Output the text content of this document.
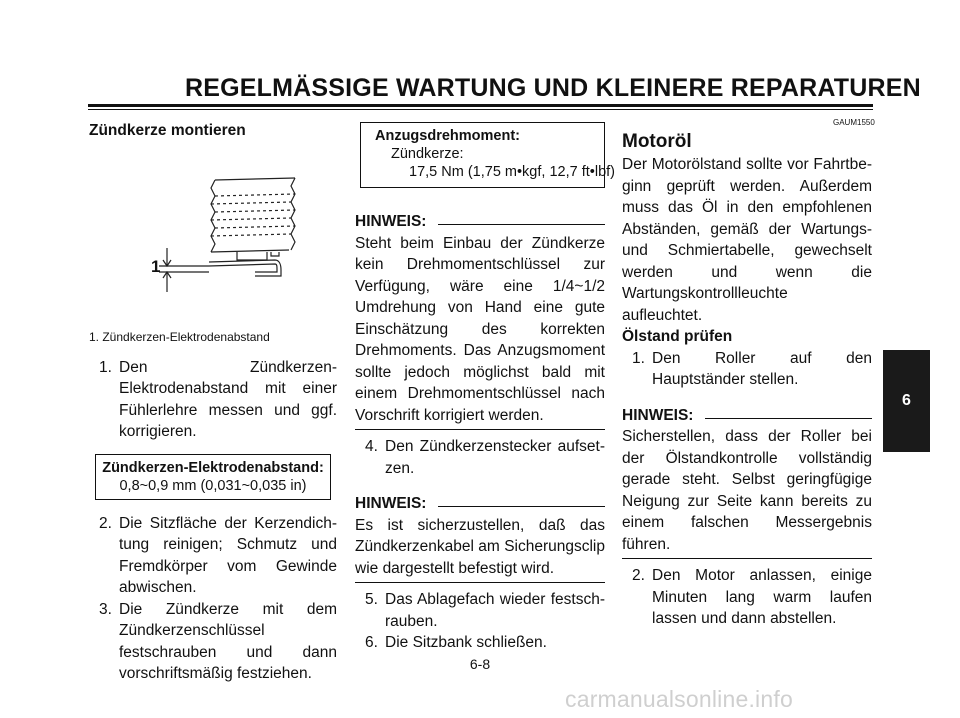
REGELMÄSSIGE WARTUNG UND KLEINERE REPARATUREN

Zündkerze montieren

1

1. Zündkerzen-Elektrodenabstand

1. Den Zündkerzen-Elektrodenabstand mit einer Fühlerlehre messen und ggf. korrigieren.
Zündkerzen-Elektrodenabstand:
0,8~0,9 mm (0,031~0,035 in)
2. Die Sitzfläche der Kerzendichtung reinigen; Schmutz und Fremdkörper vom Gewinde abwischen.
3. Die Zündkerze mit dem Zündkerzenschlüssel festschrauben und dann vorschriftsmäßig festziehen.
Anzugsdrehmoment:
Zündkerze:
17,5 Nm (1,75 m•kgf, 12,7 ft•lbf)
HINWEIS:

Steht beim Einbau der Zündkerze kein Drehmomentschlüssel zur Verfügung, wäre eine 1/4~1/2 Umdrehung von Hand eine gute Einschätzung des korrekten Drehmoments. Das Anzugsmoment sollte jedoch möglichst bald mit einem Drehmomentschlüssel nach Vorschrift korrigiert werden.

4. Den Zündkerzenstecker aufsetzen.
HINWEIS:

Es ist sicherzustellen, daß das Zündkerzenkabel am Sicherungsclip wie dargestellt befestigt wird.

5. Das Ablagefach wieder festschrauben.
6. Die Sitzbank schließen.
GAUM1550
Motoröl

Der Motorölstand sollte vor Fahrtbeginn geprüft werden. Außerdem muss das Öl in den empfohlenen Abständen, gemäß der Wartungs- und Schmiertabelle, gewechselt werden und wenn die Wartungskontrollleuchte aufleuchtet.

Ölstand prüfen

1. Den Roller auf den Hauptständer stellen.
HINWEIS:

Sicherstellen, dass der Roller bei der Ölstandkontrolle vollständig gerade steht. Selbst geringfügige Neigung zur Seite kann bereits zu einem falschen Messergebnis führen.

2. Den Motor anlassen, einige Minuten lang warm laufen lassen und dann abstellen.
6
6-8
carmanualsonline.info
